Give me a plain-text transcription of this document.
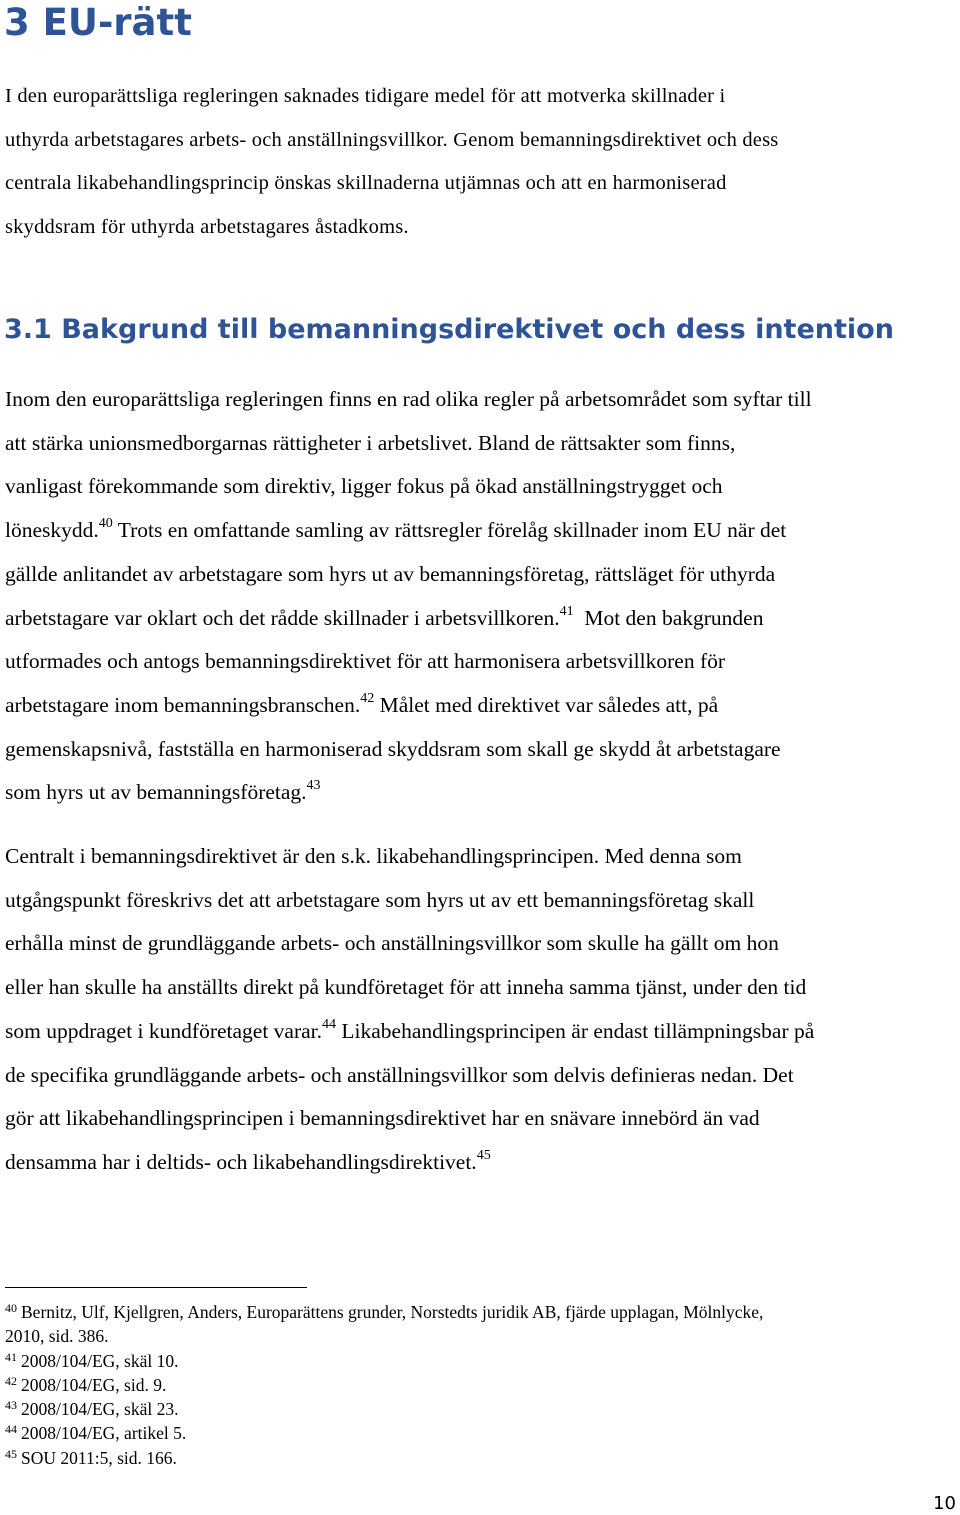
3 EU-rätt
I den europarättsliga regleringen saknades tidigare medel för att motverka skillnader i
uthyrda arbetstagares arbets- och anställningsvillkor. Genom bemanningsdirektivet och dess
centrala likabehandlingsprincip önskas skillnaderna utjämnas och att en harmoniserad
skyddsram för uthyrda arbetstagares åstadkoms.
3.1 Bakgrund till bemanningsdirektivet och dess intention
Inom den europarättsliga regleringen finns en rad olika regler på arbetsområdet som syftar till
att stärka unionsmedborgarnas rättigheter i arbetslivet. Bland de rättsakter som finns,
vanligast förekommande som direktiv, ligger fokus på ökad anställningstrygget och
löneskydd.$^{40}$ Trots en omfattande samling av rättsregler förelåg skillnader inom EU när det
gällde anlitandet av arbetstagare som hyrs ut av bemanningsföretag, rättsläget för uthyrda
arbetstagare var oklart och det rådde skillnader i arbetsvillkoren.$^{41}$  Mot den bakgrunden
utformades och antogs bemanningsdirektivet för att harmonisera arbetsvillkoren för
arbetstagare inom bemanningsbranschen.$^{42}$ Målet med direktivet var således att, på
gemenskapsnivå, fastställa en harmoniserad skyddsram som skall ge skydd åt arbetstagare
som hyrs ut av bemanningsföretag.$^{43}$
Centralt i bemanningsdirektivet är den s.k. likabehandlingsprincipen. Med denna som
utgångspunkt föreskrivs det att arbetstagare som hyrs ut av ett bemanningsföretag skall
erhålla minst de grundläggande arbets- och anställningsvillkor som skulle ha gällt om hon
eller han skulle ha anställts direkt på kundföretaget för att inneha samma tjänst, under den tid
som uppdraget i kundföretaget varar.$^{44}$ Likabehandlingsprincipen är endast tillämpningsbar på
de specifika grundläggande arbets- och anställningsvillkor som delvis definieras nedan. Det
gör att likabehandlingsprincipen i bemanningsdirektivet har en snävare innebörd än vad
densamma har i deltids- och likabehandlingsdirektivet.$^{45}$
$^{40}$ Bernitz, Ulf, Kjellgren, Anders, Europarättens grunder, Norstedts juridik AB, fjärde upplagan, Mölnlycke,
2010, sid. 386.
$^{41}$ 2008/104/EG, skäl 10.
$^{42}$ 2008/104/EG, sid. 9.
$^{43}$ 2008/104/EG, skäl 23.
$^{44}$ 2008/104/EG, artikel 5.
$^{45}$ SOU 2011:5, sid. 166.
10
